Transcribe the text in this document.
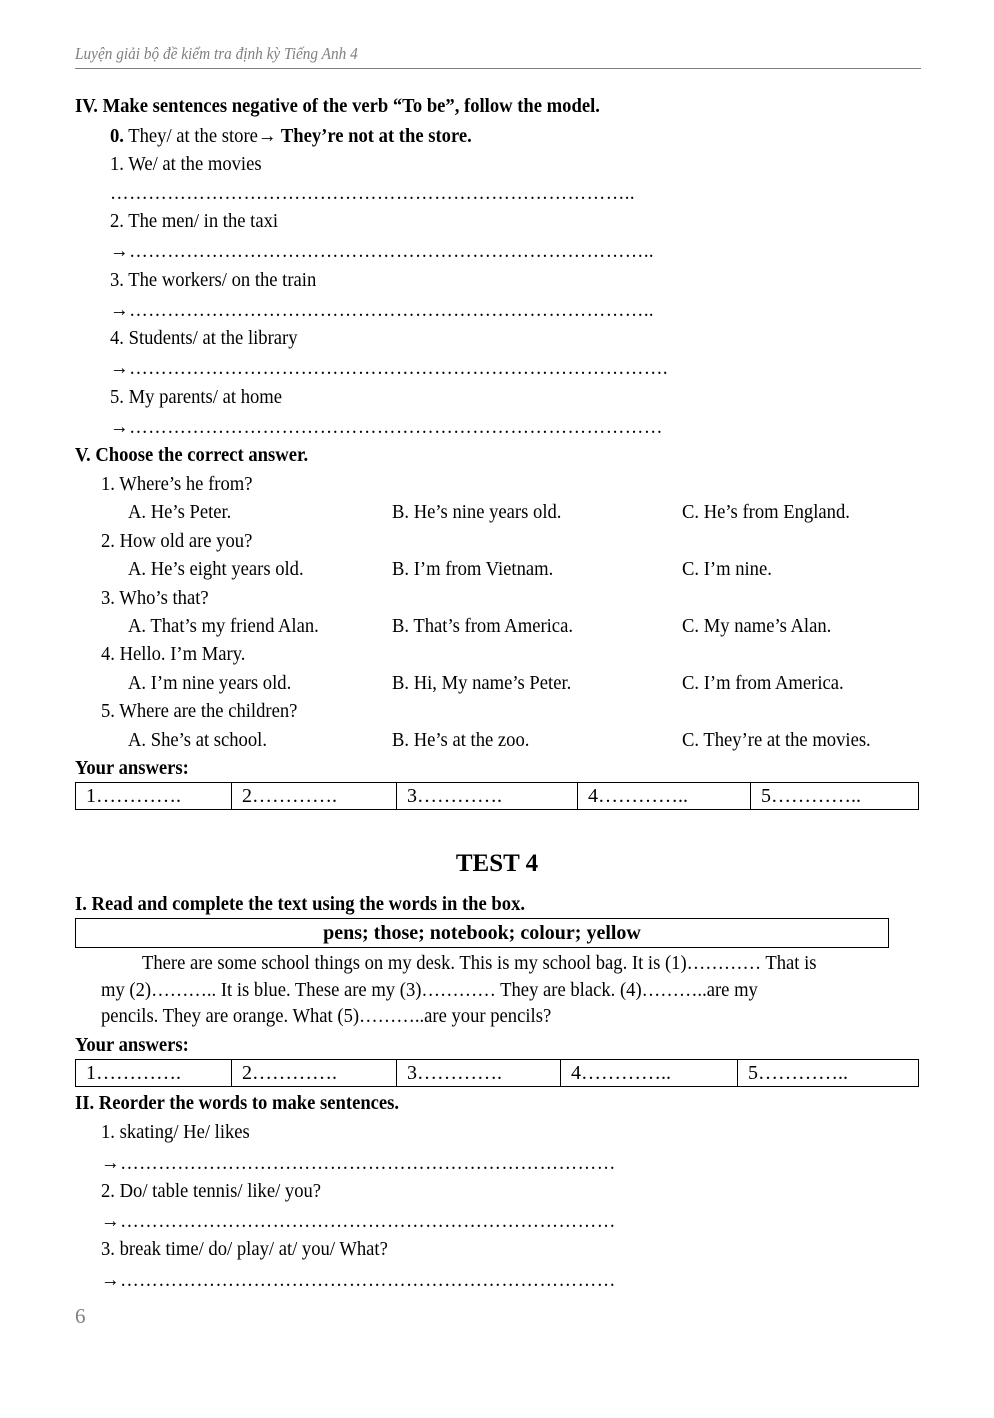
Luyện giải bộ đề kiểm tra định kỳ Tiếng Anh 4
IV. Make sentences negative of the verb “To be”, follow the model.
0. They/ at the store→ They’re not at the store.
1. We/ at the movies
………………………………………………………………………..
2. The men/ in the taxi
→………………………………………………………………………..
3. The workers/ on the train
→………………………………………………………………………..
4. Students/ at the library
→………………………………………………………………………….
5. My parents/ at home
→…………………………………………………………………………
V. Choose the correct answer.
1. Where’s he from?
A. He’s Peter.	B. He’s nine years old.	C. He’s from England.
2. How old are you?
A. He’s eight years old.	B. I’m from Vietnam.	C. I’m nine.
3. Who’s that?
A. That’s my friend Alan.	B. That’s from America.	C. My name’s Alan.
4. Hello. I’m Mary.
A. I’m nine years old.	B. Hi, My name’s Peter.	C. I’m from America.
5. Where are the children?
A. She’s at school.	B. He’s at the zoo.	C. They’re at the movies.
Your answers:
1………….	2………….	3………….	4…………..	5…………..
TEST 4
I. Read and complete the text using the words in the box.
pens; those; notebook; colour; yellow
There are some school things on my desk. This is my school bag. It is (1)………… That is
my (2)……….. It is blue. These are my (3)………… They are black. (4)………..are my
pencils. They are orange. What (5)………..are your pencils?
Your answers:
1………….	2………….	3………….	4…………..	5…………..
II. Reorder the words to make sentences.
1. skating/ He/ likes
→……………………………………………………………………
2. Do/ table tennis/ like/ you?
→……………………………………………………………………
3. break time/ do/ play/ at/ you/ What?
→……………………………………………………………………
6
